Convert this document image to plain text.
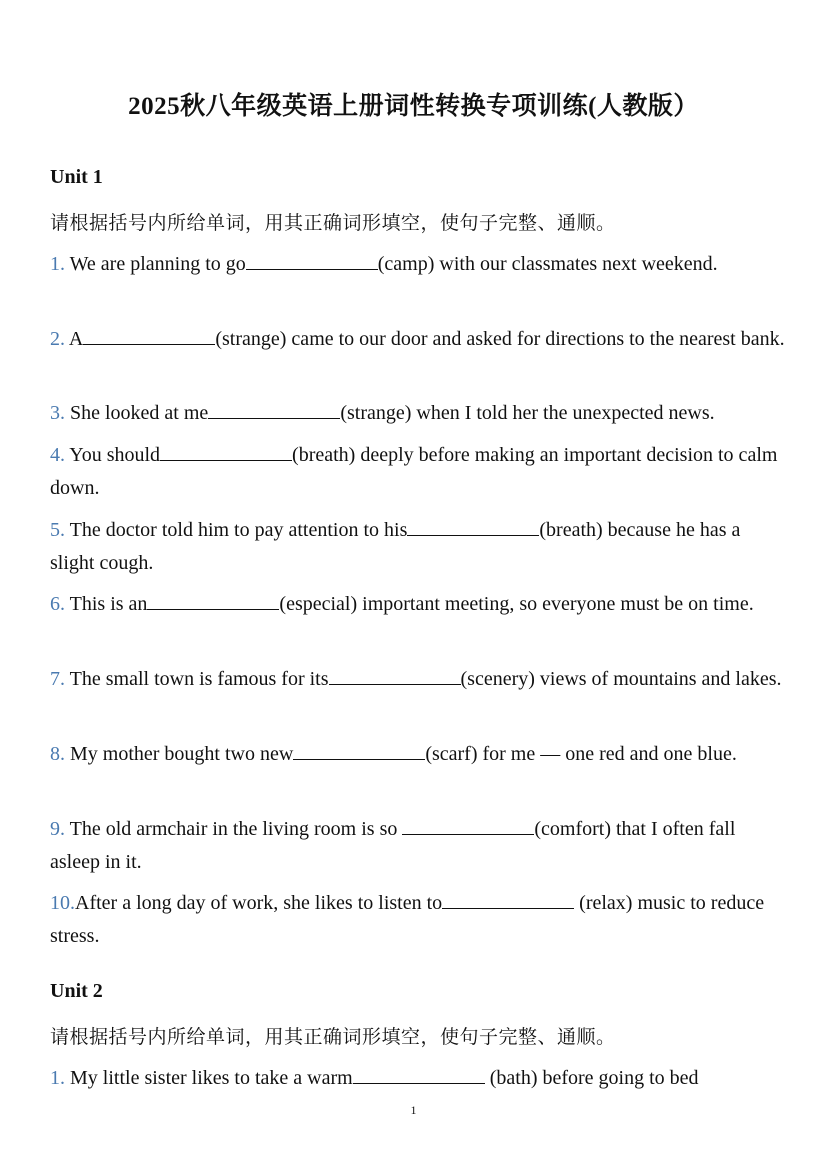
2025秋八年级英语上册词性转换专项训练(人教版）
Unit 1
请根据括号内所给单词，用其正确词形填空，使句子完整、通顺。
1. We are planning to go	(camp) with our classmates next weekend.
2. A	(strange) came to our door and asked for directions to the nearest bank.
3. She looked at me	(strange) when I told her the unexpected news.
4. You should	(breath) deeply before making an important decision to calm down.
5. The doctor told him to pay attention to his	(breath) because he has a slight cough.
6. This is an	(especial) important meeting, so everyone must be on time.
7. The small town is famous for its	(scenery) views of mountains and lakes.
8. My mother bought two new	(scarf) for me — one red and one blue.
9. The old armchair in the living room is so	(comfort) that I often fall asleep in it.
10.After a long day of work, she likes to listen to	(relax) music to reduce stress.
Unit 2
请根据括号内所给单词，用其正确词形填空，使句子完整、通顺。
1. My little sister likes to take a warm	(bath) before going to bed
1
